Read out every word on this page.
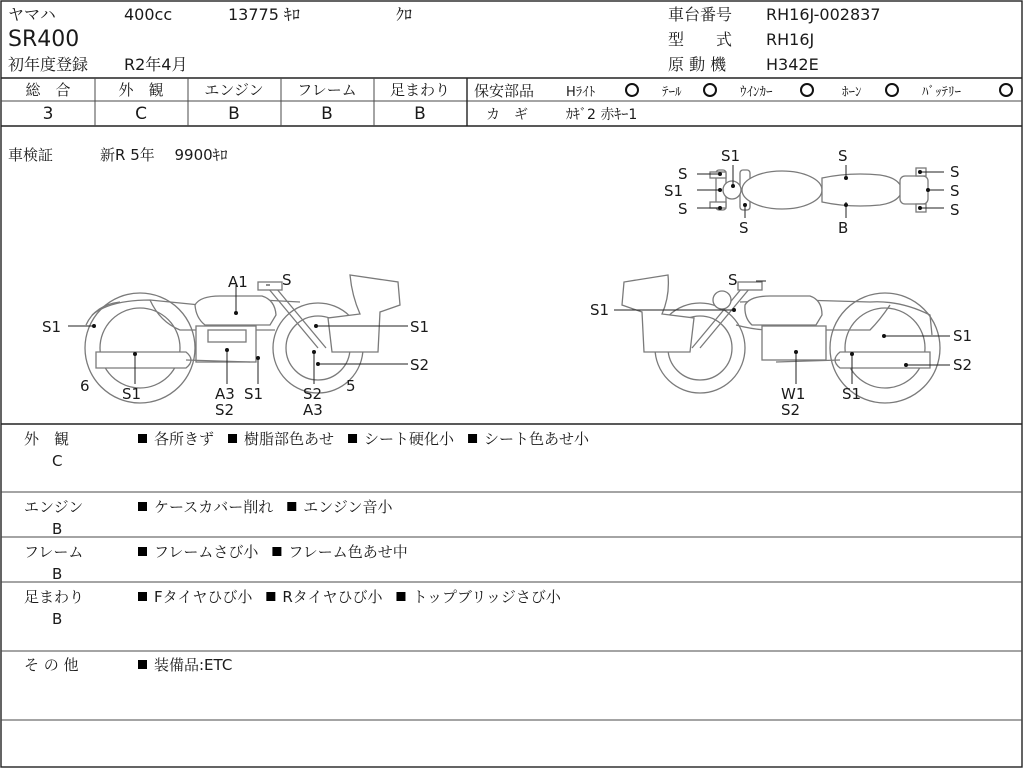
ヤマハ	400cc	13775 ｷﾛ	ｸﾛ
SR400
初年度登録 R2年4月
車台番号 RH16J-002837
型　　式 RH16J
原 動 機 H342E
総　合	外　観	エンジン フレーム 足まわり
3	C	B	B	B
保安部品 Hﾗｲﾄ	ﾃｰﾙ	ｳｲﾝｶｰ	ﾎｰﾝ	ﾊﾞｯﾃﾘｰ
カ　ギ	ｶｷﾞ2 赤ｷｰ1
車検証	新R 5年　 9900ｷﾛ	S1	S
S
S1
S
S
S
S
S
B
A1 S
S1	S1
S2
6 S1	A3
S2
S1	S2
A3
5
S
S1
S1
S2
W1
S2
S1
外　観
C
各所きず 樹脂部色あせ シート硬化小 シート色あせ小
エンジン
B
ケースカバー削れ エンジン音小
フレーム
B
フレームさび小 フレーム色あせ中
足まわり
B
Fタイヤひび小 Rタイヤひび小 トップブリッジさび小
そ の 他	装備品:ETC
